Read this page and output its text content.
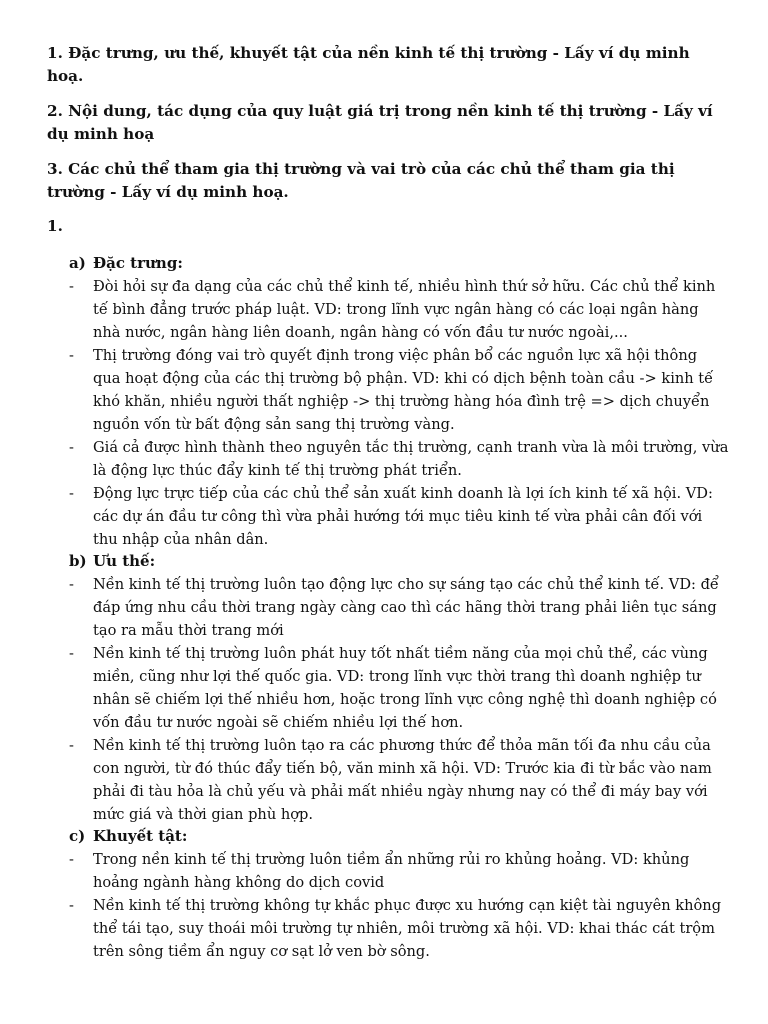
1. Đặc trưng, ưu thế, khuyết tật của nền kinh tế thị trường - Lấy ví dụ minh hoạ.

2. Nội dung, tác dụng của quy luật giá trị trong nền kinh tế thị trường - Lấy ví dụ minh hoạ

3. Các chủ thể tham gia thị trường và vai trò của các chủ thể tham gia thị trường - Lấy ví dụ minh hoạ.

1.
a) Đặc trưng:
- Đòi hỏi sự đa dạng của các chủ thể kinh tế, nhiều hình thứ sở hữu. Các chủ thể kinh tế bình đẳng trước pháp luật. VD: trong lĩnh vực ngân hàng có các loại ngân hàng nhà nước, ngân hàng liên doanh, ngân hàng có vốn đầu tư nước ngoài,...
- Thị trường đóng vai trò quyết định trong việc phân bổ các nguồn lực xã hội thông qua hoạt động của các thị trường bộ phận. VD: khi có dịch bệnh toàn cầu -> kinh tế khó khăn, nhiều người thất nghiệp -> thị trường hàng hóa đình trệ => dịch chuyển nguồn vốn từ bất động sản sang thị trường vàng.
- Giá cả được hình thành theo nguyên tắc thị trường, cạnh tranh vừa là môi trường, vừa là động lực thúc đẩy kinh tế thị trường phát triển.
- Động lực trực tiếp của các chủ thể sản xuất kinh doanh là lợi ích kinh tế xã hội. VD: các dự án đầu tư công thì vừa phải hướng tới mục tiêu kinh tế vừa phải cân đối với thu nhập của nhân dân.
b) Ưu thế:
- Nền kinh tế thị trường luôn tạo động lực cho sự sáng tạo các chủ thể kinh tế. VD: để đáp ứng nhu cầu thời trang ngày càng cao thì các hãng thời trang phải liên tục sáng tạo ra mẫu thời trang mới
- Nền kinh tế thị trường luôn phát huy tốt nhất tiềm năng của mọi chủ thể, các vùng miền, cũng như lợi thế quốc gia. VD: trong lĩnh vực thời trang thì doanh nghiệp tư nhân sẽ chiếm lợi thế nhiều hơn, hoặc trong lĩnh vực công nghệ thì doanh nghiệp có vốn đầu tư nước ngoài sẽ chiếm nhiều lợi thế hơn.
- Nền kinh tế thị trường luôn tạo ra các phương thức để thỏa mãn tối đa nhu cầu của con người, từ đó thúc đẩy tiến bộ, văn minh xã hội. VD: Trước kia đi từ bắc vào nam phải đi tàu hỏa là chủ yếu và phải mất nhiều ngày nhưng nay có thể đi máy bay với mức giá và thời gian phù hợp.
c) Khuyết tật:
- Trong nền kinh tế thị trường luôn tiềm ẩn những rủi ro khủng hoảng. VD: khủng hoảng ngành hàng không do dịch covid
- Nền kinh tế thị trường không tự khắc phục được xu hướng cạn kiệt tài nguyên không thể tái tạo, suy thoái môi trường tự nhiên, môi trường xã hội. VD: khai thác cát trộm trên sông tiềm ẩn nguy cơ sạt lở ven bờ sông.
